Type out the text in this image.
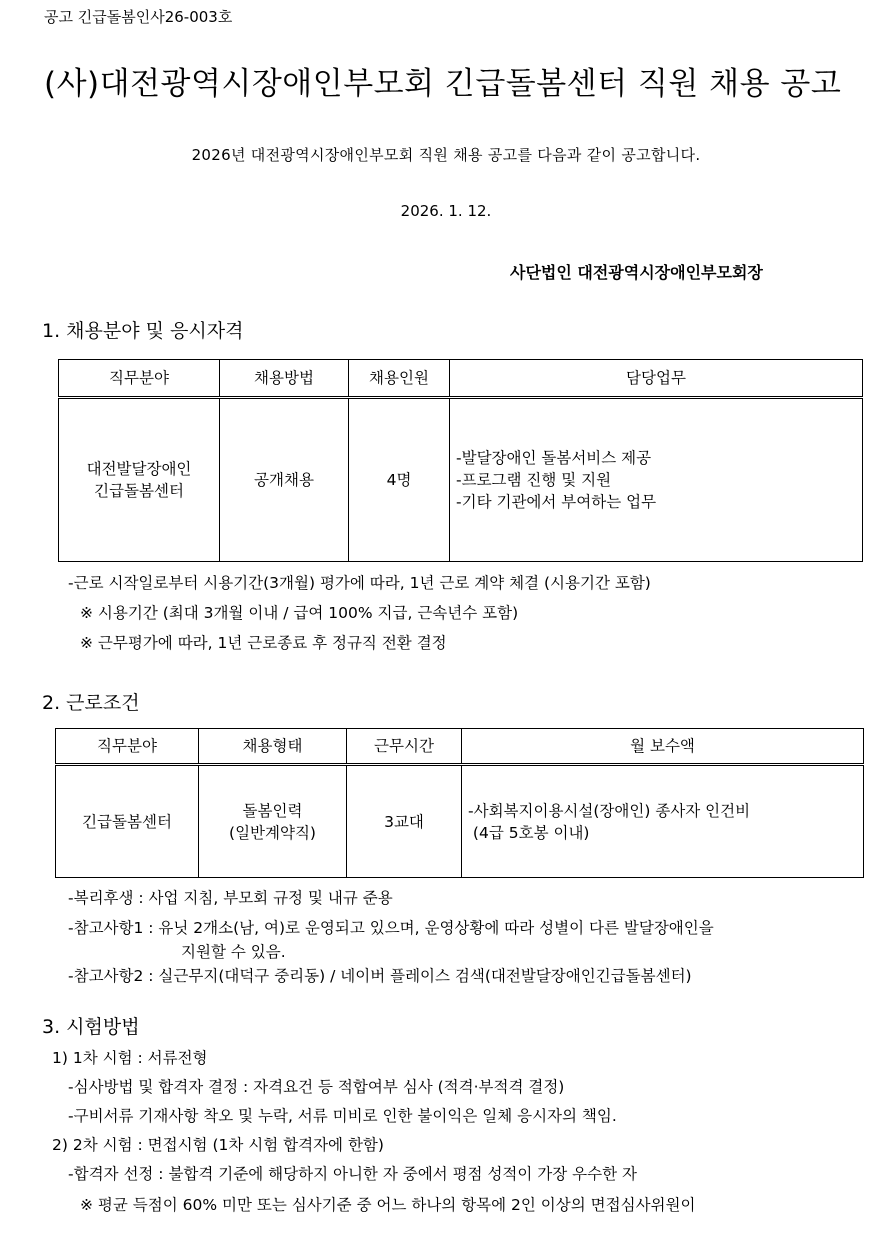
공고 긴급돌봄인사26-003호
(사)대전광역시장애인부모회 긴급돌봄센터 직원 채용 공고
2026년 대전광역시장애인부모회 직원 채용 공고를 다음과 같이 공고합니다.
2026. 1. 12.
사단법인 대전광역시장애인부모회장
1. 채용분야 및 응시자격
직무분야	채용방법	채용인원	담당업무

대전발달장애인
긴급돌봄센터	공개채용	4명	-발달장애인 돌봄서비스 제공
-프로그램 진행 및 지원
-기타 기관에서 부여하는 업무
-근로 시작일로부터 시용기간(3개월) 평가에 따라, 1년 근로 계약 체결 (시용기간 포함)
※ 시용기간 (최대 3개월 이내 / 급여 100% 지급, 근속년수 포함)
※ 근무평가에 따라, 1년 근로종료 후 정규직 전환 결정
2. 근로조건
직무분야	채용형태	근무시간	월 보수액
긴급돌봄센터	돌봄인력
(일반계약직)	3교대	-사회복지이용시설(장애인) 종사자 인건비
(4급 5호봉 이내)
-복리후생 : 사업 지침, 부모회 규정 및 내규 준용
-참고사항1 : 유닛 2개소(남, 여)로 운영되고 있으며, 운영상황에 따라 성별이 다른 발달장애인을
지원할 수 있음.
-참고사항2 : 실근무지(대덕구 중리동) / 네이버 플레이스 검색(대전발달장애인긴급돌봄센터)
3. 시험방법
1) 1차 시험 : 서류전형
-심사방법 및 합격자 결정 : 자격요건 등 적합여부 심사 (적격·부적격 결정)
-구비서류 기재사항 착오 및 누락, 서류 미비로 인한 불이익은 일체 응시자의 책임.
2) 2차 시험 : 면접시험 (1차 시험 합격자에 한함)
-합격자 선정 : 불합격 기준에 해당하지 아니한 자 중에서 평점 성적이 가장 우수한 자
※ 평균 득점이 60% 미만 또는 심사기준 중 어느 하나의 항목에 2인 이상의 면접심사위원이
